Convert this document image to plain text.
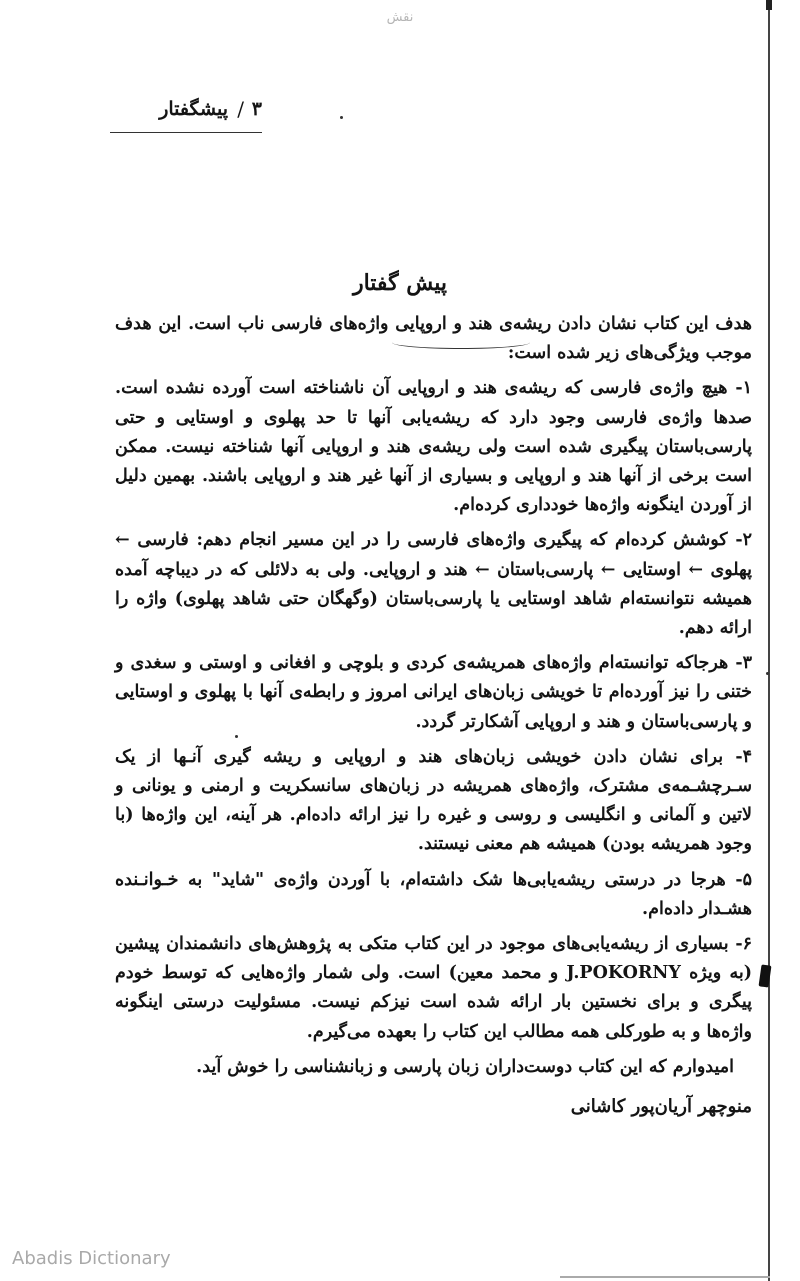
نقش
پیشگفتار / ۳
پیش گفتار

هدف این کتاب نشان دادن ریشه‌ی هند و اروپایی واژه‌های فارسی ناب است. این هدف موجب ویژگی‌های زیر شده است:

۱- هیچ واژه‌ی فارسی که ریشه‌ی هند و اروپایی آن ناشناخته است آورده نشده است. صدها واژه‌ی فارسی وجود دارد که ریشه‌یابی آنها تا حد پهلوی و اوستایی و حتی پارسی‌باستان پیگیری شده است ولی ریشه‌ی هند و اروپایی آنها شناخته نیست. ممکن است برخی از آنها هند و اروپایی و بسیاری از آنها غیر هند و اروپایی باشند. بهمین دلیل از آوردن اینگونه واژه‌ها خودداری کرده‌ام.

۲- کوشش کرده‌ام که پیگیری واژه‌های فارسی را در این مسیر انجام دهم: فارسی ← پهلوی ← اوستایی ← پارسی‌باستان ← هند و اروپایی. ولی به دلائلی که در دیباچه آمده همیشه نتوانسته‌ام شاهد اوستایی یا پارسی‌باستان (وگهگان حتی شاهد پهلوی) واژه را ارائه دهم.

۳- هرجاکه توانسته‌ام واژه‌های همریشه‌ی کردی و بلوچی و افغانی و اوستی و سغدی و ختنی را نیز آورده‌ام تا خویشی زبان‌های ایرانی امروز و رابطه‌ی آنها با پهلوی و اوستایی و پارسی‌باستان و هند و اروپایی آشکارتر گردد.

۴- برای نشان دادن خویشی زبان‌های هند و اروپایی و ریشه گیری آنـها از یک سـرچشـمه‌ی مشترک، واژه‌های همریشه در زبان‌های سانسکریت و ارمنی و یونانی و لاتین و آلمانی و انگلیسی و روسی و غیره را نیز ارائه داده‌ام. هر آینه، این واژه‌ها (با وجود همریشه بودن) همیشه هم معنی نیستند.

۵- هرجا در درستی ریشه‌یابی‌ها شک داشته‌ام، با آوردن واژه‌ی "شاید" به خـوانـنده هشـدار داده‌ام.

۶- بسیاری از ریشه‌یابی‌های موجود در این کتاب متکی به پژوهش‌های دانشمندان پیشین (به ویژه J.POKORNY و محمد معین) است. ولی شمار واژه‌هایی که توسط خودم پیگری و برای نخستین بار ارائه شده است نیزکم نیست. مسئولیت درستی اینگونه واژه‌ها و به طورکلی همه مطالب این کتاب را بعهده می‌گیرم.

امیدوارم که این کتاب دوست‌داران زبان پارسی و زبانشناسی را خوش آید.

منوچهر آریان‌پور کاشانی

Abadis Dictionary
